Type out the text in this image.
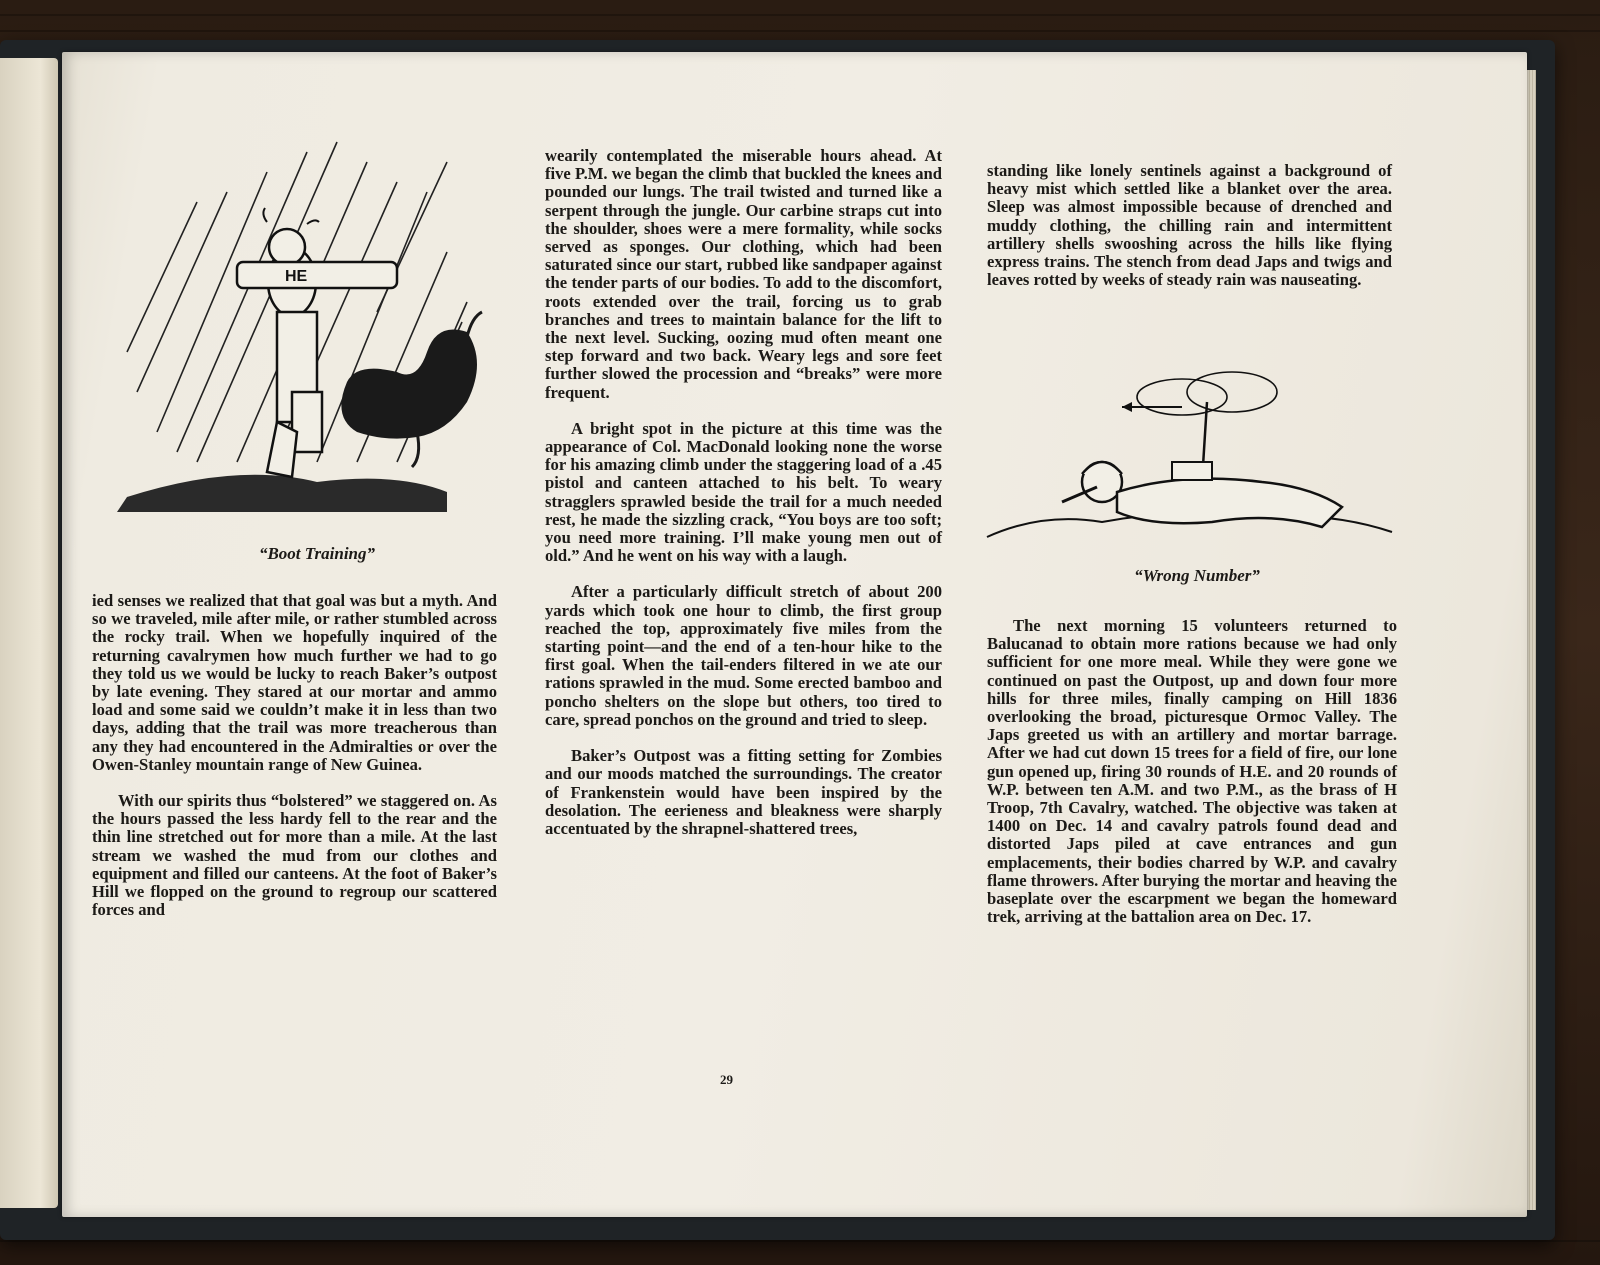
HE
“Boot Training”

ied senses we realized that that goal was but a myth. And so we traveled, mile after mile, or rather stumbled across the rocky trail. When we hopefully inquired of the returning cavalrymen how much further we had to go they told us we would be lucky to reach Baker’s outpost by late evening. They stared at our mortar and ammo load and some said we couldn’t make it in less than two days, adding that the trail was more treacherous than any they had encountered in the Admiralties or over the Owen-Stanley mountain range of New Guinea.

With our spirits thus “bolstered” we staggered on. As the hours passed the less hardy fell to the rear and the thin line stretched out for more than a mile. At the last stream we washed the mud from our clothes and equipment and filled our canteens. At the foot of Baker’s Hill we flopped on the ground to regroup our scattered forces and

wearily contemplated the miserable hours ahead. At five P.M. we began the climb that buckled the knees and pounded our lungs. The trail twisted and turned like a serpent through the jungle. Our carbine straps cut into the shoulder, shoes were a mere formality, while socks served as sponges. Our clothing, which had been saturated since our start, rubbed like sandpaper against the tender parts of our bodies. To add to the discomfort, roots extended over the trail, forcing us to grab branches and trees to maintain balance for the lift to the next level. Sucking, oozing mud often meant one step forward and two back. Weary legs and sore feet further slowed the procession and “breaks” were more frequent.

A bright spot in the picture at this time was the appearance of Col. MacDonald looking none the worse for his amazing climb under the staggering load of a .45 pistol and canteen attached to his belt. To weary stragglers sprawled beside the trail for a much needed rest, he made the sizzling crack, “You boys are too soft; you need more training. I’ll make young men out of old.” And he went on his way with a laugh.

After a particularly difficult stretch of about 200 yards which took one hour to climb, the first group reached the top, approximately five miles from the starting point—and the end of a ten-hour hike to the first goal. When the tail-enders filtered in we ate our rations sprawled in the mud. Some erected bamboo and poncho shelters on the slope but others, too tired to care, spread ponchos on the ground and tried to sleep.

Baker’s Outpost was a fitting setting for Zombies and our moods matched the surroundings. The creator of Frankenstein would have been inspired by the desolation. The eerieness and bleakness were sharply accentuated by the shrapnel-shattered trees,

standing like lonely sentinels against a background of heavy mist which settled like a blanket over the area. Sleep was almost impossible because of drenched and muddy clothing, the chilling rain and intermittent artillery shells swooshing across the hills like flying express trains. The stench from dead Japs and twigs and leaves rotted by weeks of steady rain was nauseating.

“Wrong Number”

The next morning 15 volunteers returned to Balucanad to obtain more rations because we had only sufficient for one more meal. While they were gone we continued on past the Outpost, up and down four more hills for three miles, finally camping on Hill 1836 overlooking the broad, picturesque Ormoc Valley. The Japs greeted us with an artillery and mortar barrage. After we had cut down 15 trees for a field of fire, our lone gun opened up, firing 30 rounds of H.E. and 20 rounds of W.P. between ten A.M. and two P.M., as the brass of H Troop, 7th Cavalry, watched. The objective was taken at 1400 on Dec. 14 and cavalry patrols found dead and distorted Japs piled at cave entrances and gun emplacements, their bodies charred by W.P. and cavalry flame throwers. After burying the mortar and heaving the baseplate over the escarpment we began the homeward trek, arriving at the battalion area on Dec. 17.

29
